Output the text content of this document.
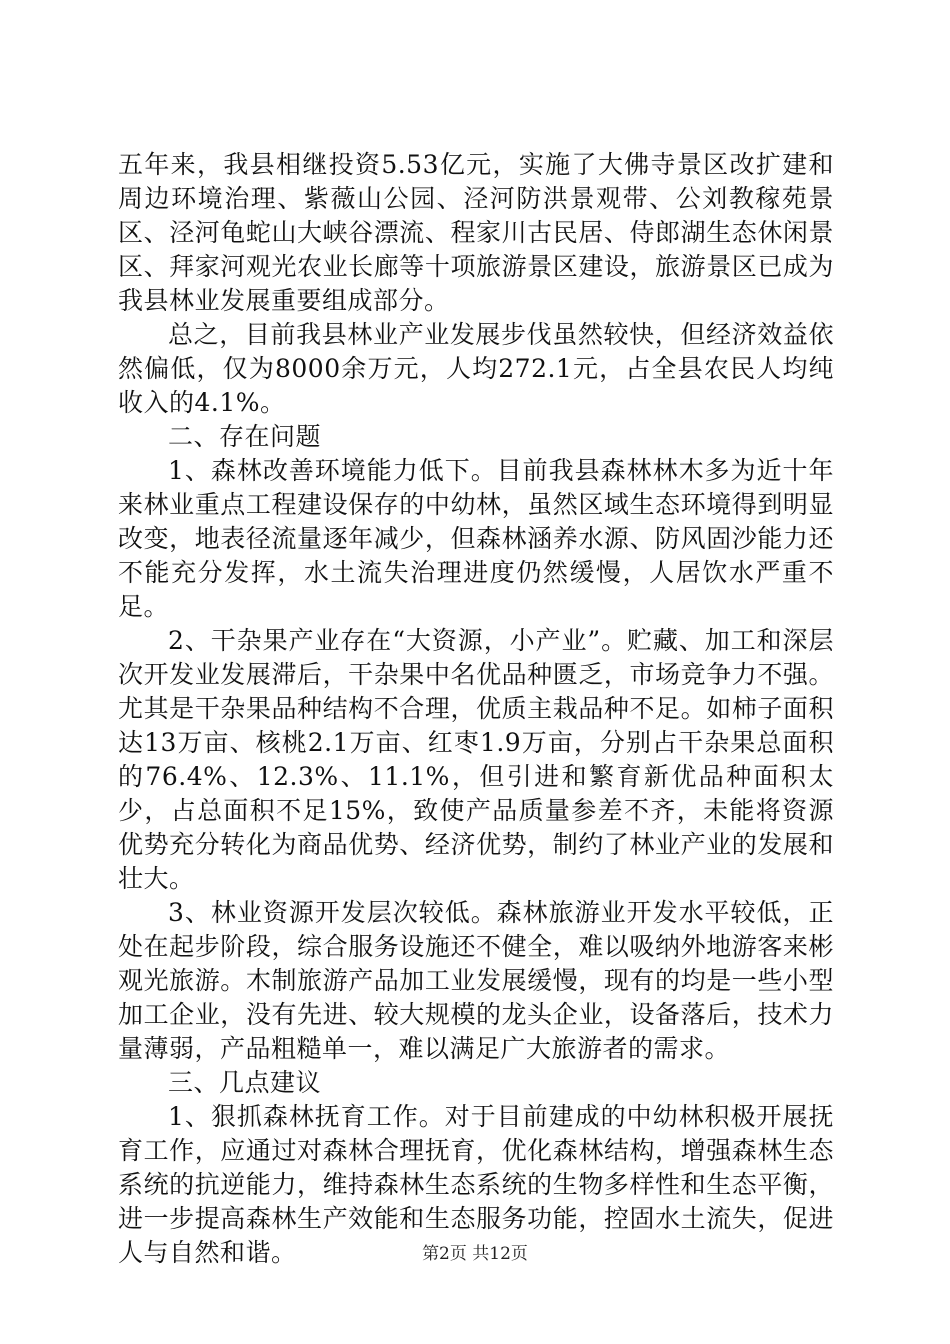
五年来，我县相继投资5.53亿元，实施了大佛寺景区改扩建和周边环境治理、紫薇山公园、泾河防洪景观带、公刘教稼苑景区、泾河龟蛇山大峡谷漂流、程家川古民居、侍郎湖生态休闲景区、拜家河观光农业长廊等十项旅游景区建设，旅游景区已成为我县林业发展重要组成部分。

总之，目前我县林业产业发展步伐虽然较快，但经济效益依然偏低，仅为8000余万元，人均272.1元，占全县农民人均纯收入的4.1%。

二、存在问题

1、森林改善环境能力低下。目前我县森林林木多为近十年来林业重点工程建设保存的中幼林，虽然区域生态环境得到明显改变，地表径流量逐年减少，但森林涵养水源、防风固沙能力还不能充分发挥，水土流失治理进度仍然缓慢，人居饮水严重不足。

2、干杂果产业存在“大资源，小产业”。贮藏、加工和深层次开发业发展滞后，干杂果中名优品种匮乏，市场竞争力不强。尤其是干杂果品种结构不合理，优质主栽品种不足。如柿子面积达13万亩、核桃2.1万亩、红枣1.9万亩，分别占干杂果总面积的76.4%、12.3%、11.1%，但引进和繁育新优品种面积太少，占总面积不足15%，致使产品质量参差不齐，未能将资源优势充分转化为商品优势、经济优势，制约了林业产业的发展和壮大。

3、林业资源开发层次较低。森林旅游业开发水平较低，正处在起步阶段，综合服务设施还不健全，难以吸纳外地游客来彬观光旅游。木制旅游产品加工业发展缓慢，现有的均是一些小型加工企业，没有先进、较大规模的龙头企业，设备落后，技术力量薄弱，产品粗糙单一，难以满足广大旅游者的需求。

三、几点建议

1、狠抓森林抚育工作。对于目前建成的中幼林积极开展抚育工作，应通过对森林合理抚育，优化森林结构，增强森林生态系统的抗逆能力，维持森林生态系统的生物多样性和生态平衡，进一步提高森林生产效能和生态服务功能，控固水土流失，促进人与自然和谐。	第2页 共12页
